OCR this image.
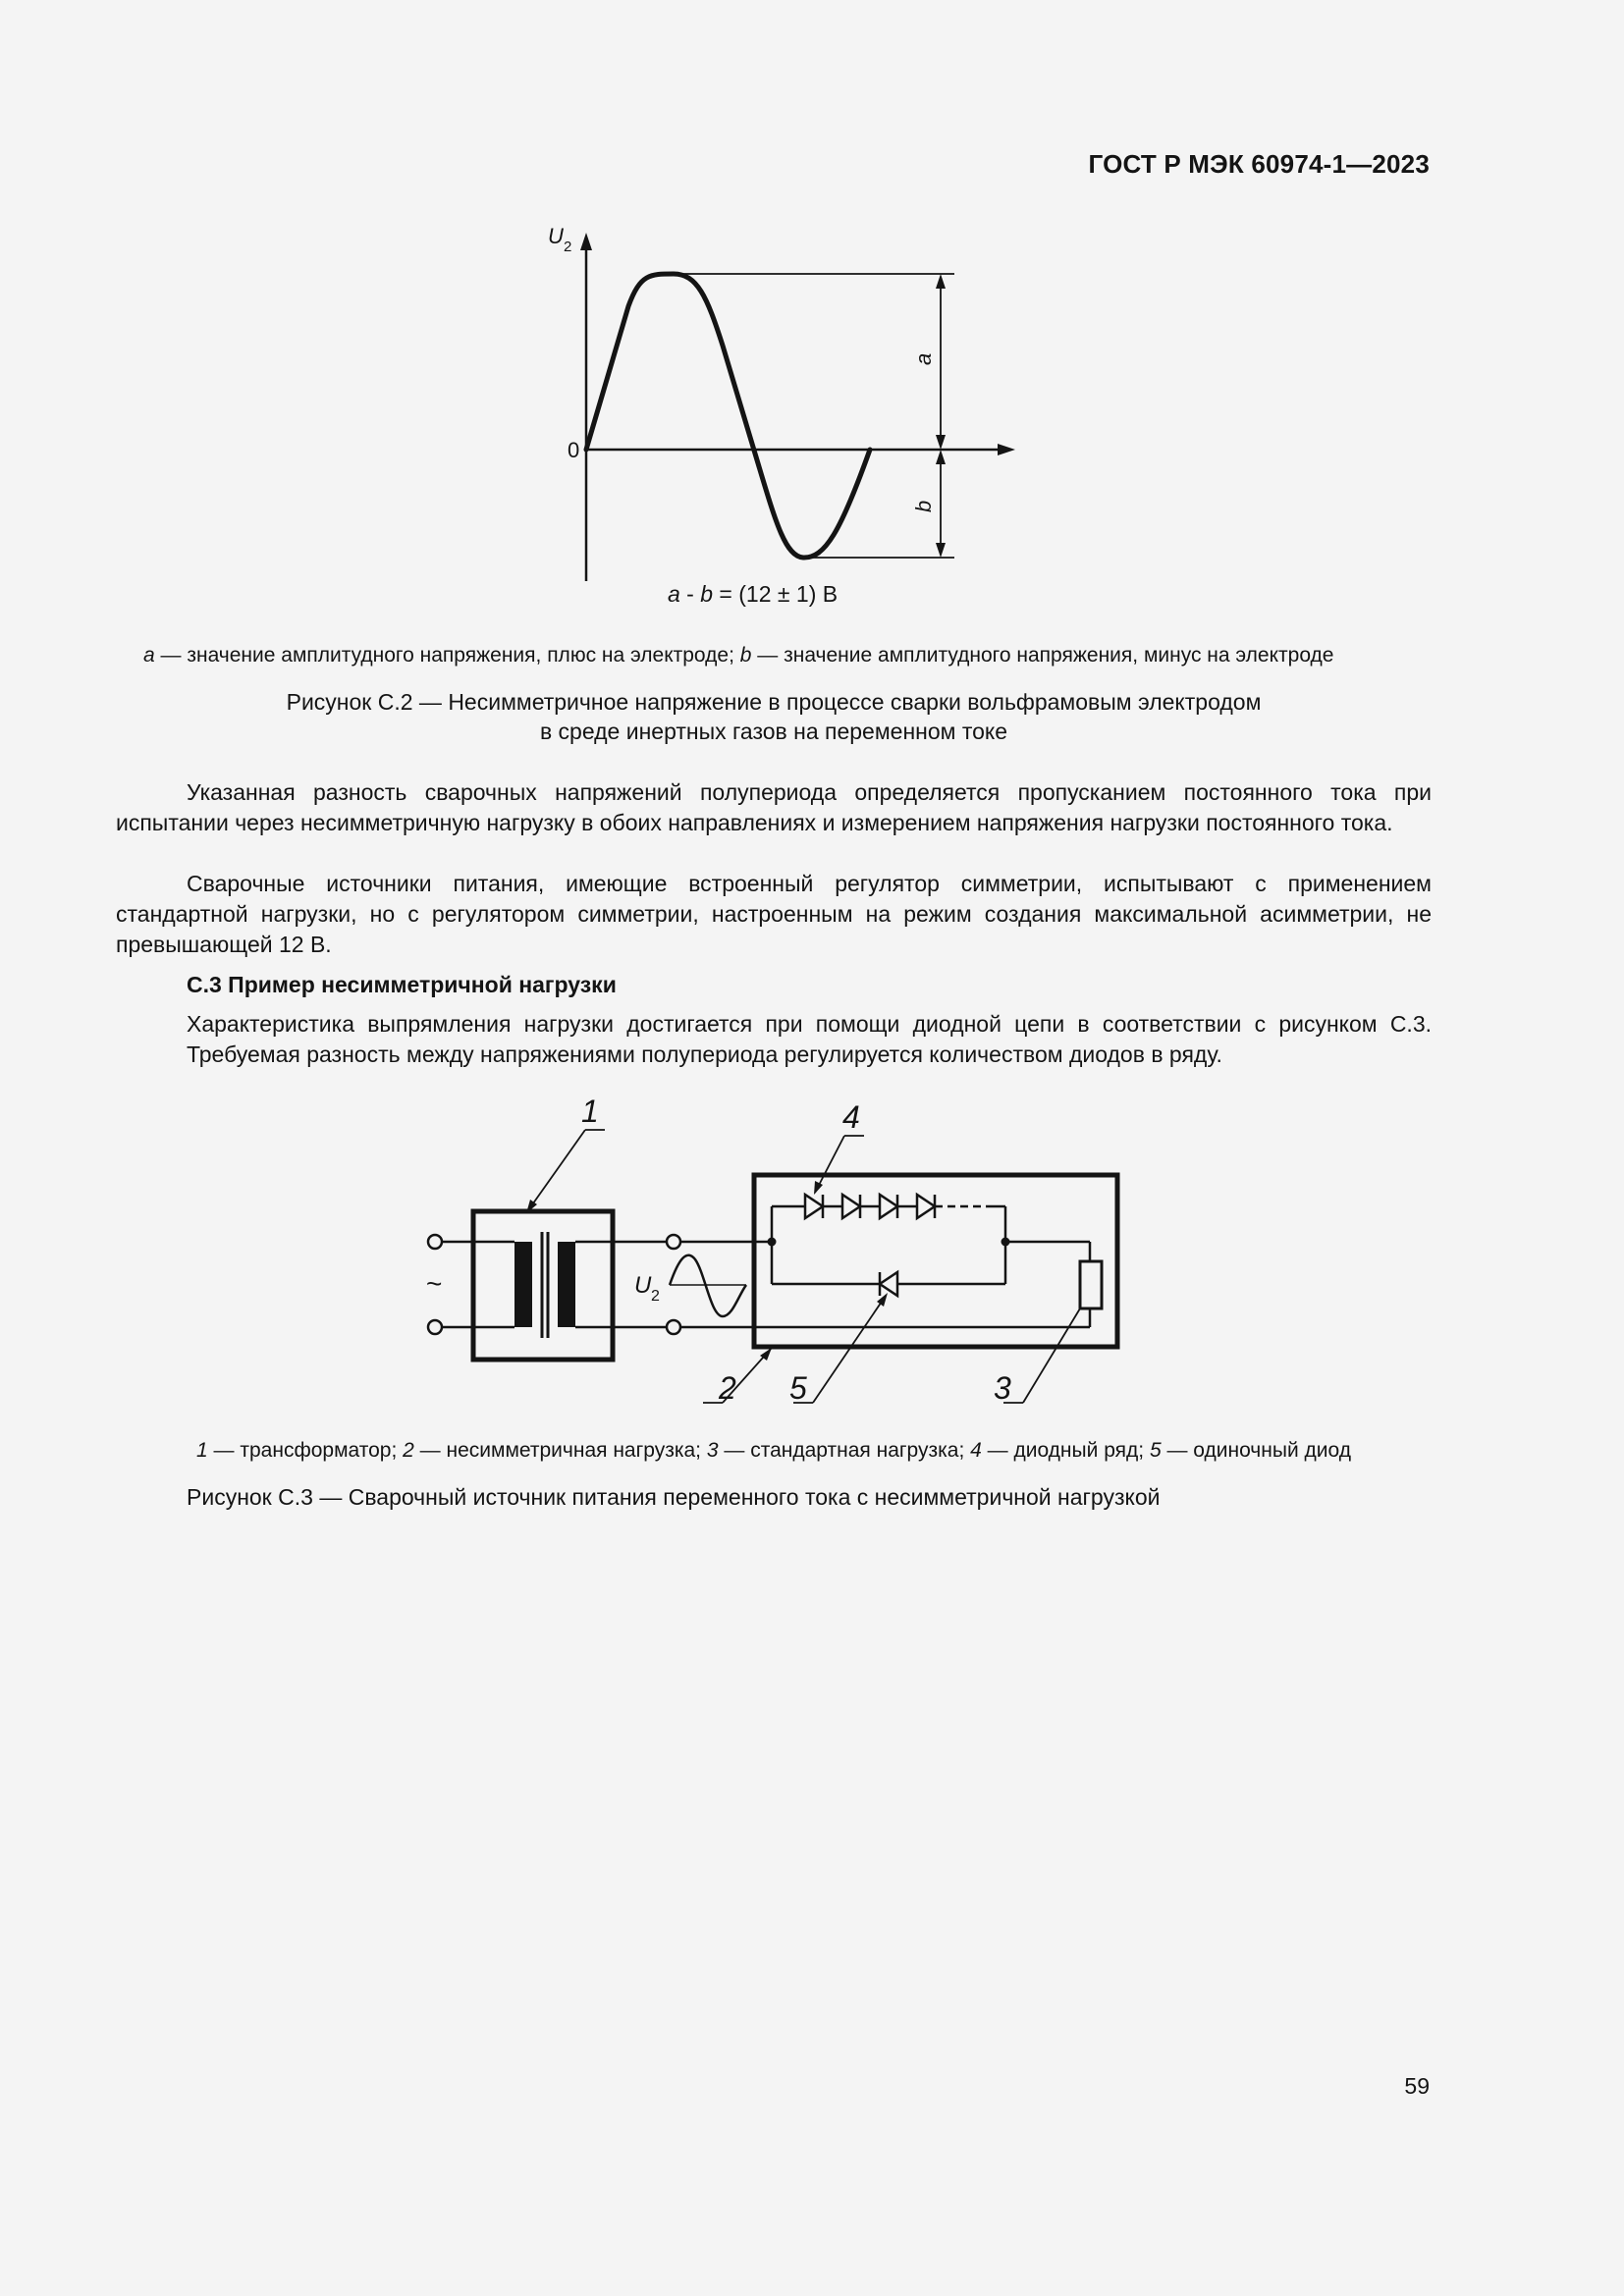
ГОСТ Р МЭК 60974-1—2023
U 2
0
a
b
a - b = (12 ± 1) В
a — значение амплитудного напряжения, плюс на электроде; b — значение амплитудного напряжения, минус на электроде
Рисунок С.2 — Несимметричное напряжение в процессе сварки вольфрамовым электродом
в среде инертных газов на переменном токе

Указанная разность сварочных напряжений полупериода определяется пропусканием постоянного тока при испытании через несимметричную нагрузку в обоих направлениях и измерением напряжения нагрузки постоянного тока.

Сварочные источники питания, имеющие встроенный регулятор симметрии, испытывают с применением стандартной нагрузки, но с регулятором симметрии, настроенным на режим создания максимальной асимметрии, не превышающей 12 В.

С.3 Пример несимметричной нагрузки

Характеристика выпрямления нагрузки достигается при помощи диодной цепи в соответствии с рисунком С.3. Требуемая разность между напряжениями полупериода регулируется количеством диодов в ряду.

1	4
2 5	3
~	U 2
1 — трансформатор; 2 — несимметричная нагрузка; 3 — стандартная нагрузка; 4 — диодный ряд; 5 — одиночный диод
Рисунок С.3 — Сварочный источник питания переменного тока с несимметричной нагрузкой
59
